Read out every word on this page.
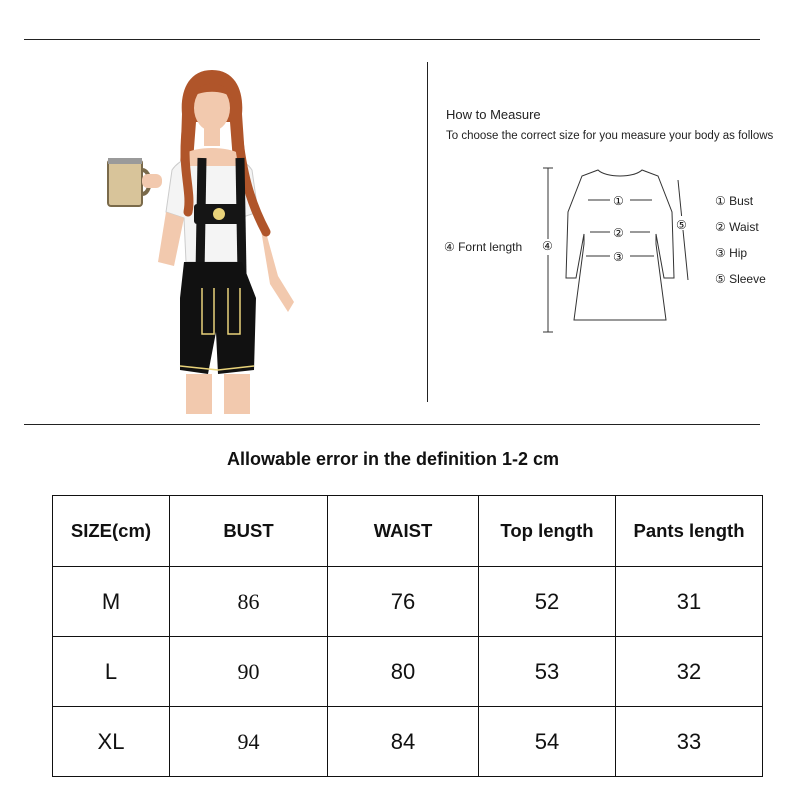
How to Measure
To choose the correct size for you measure your body as follows
④ Fornt length ④
①
②
③
⑤
① Bust
② Waist
③ Hip
⑤ Sleeve
Allowable error in the definition 1-2 cm
SIZE(cm)	BUST	WAIST	Top length	Pants length
M	86	76	52	31
L	90	80	53	32
XL	94	84	54	33
